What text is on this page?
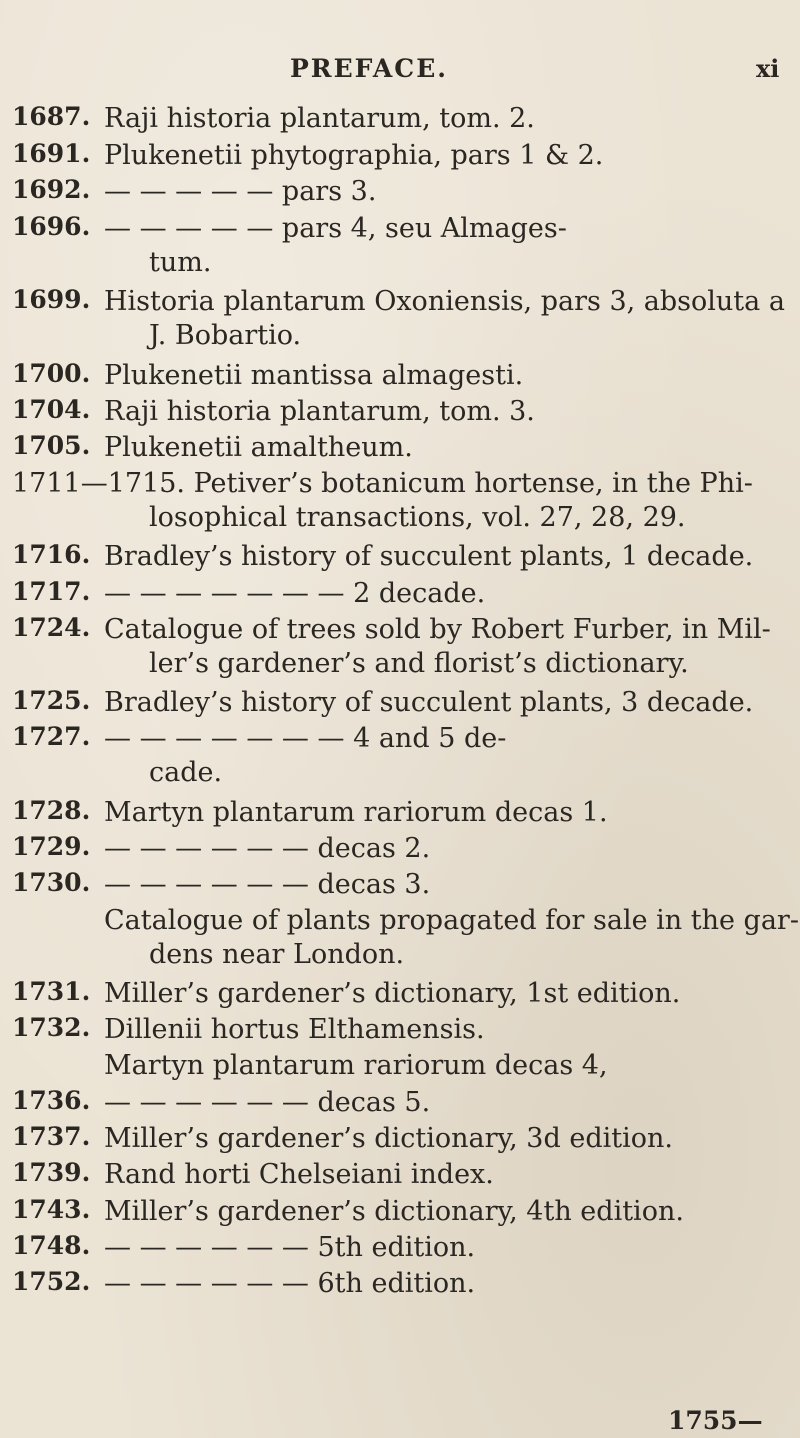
PREFACE.	xi
1687. Raji historia plantarum, tom. 2.
1691. Plukenetii phytographia, pars 1 & 2.
1692. — — — — — pars 3.
1696. — — — — — pars 4, seu Almages-
tum.
1699. Historia plantarum Oxoniensis, pars 3, absoluta a
J. Bobartio.
1700. Plukenetii mantissa almagesti.
1704. Raji historia plantarum, tom. 3.
1705. Plukenetii amaltheum.
1711—1715. Petiver’s botanicum hortense, in the Phi-
losophical transactions, vol. 27, 28, 29.
1716. Bradley’s history of succulent plants, 1 decade.
1717. — — — — — — — 2 decade.
1724. Catalogue of trees sold by Robert Furber, in Mil-
ler’s gardener’s and florist’s dictionary.
1725. Bradley’s history of succulent plants, 3 decade.
1727. — — — — — — — 4 and 5 de-
cade.
1728. Martyn plantarum rariorum decas 1.
1729. — — — — — — decas 2.
1730. — — — — — — decas 3.
Catalogue of plants propagated for sale in the gar-
dens near London.
1731. Miller’s gardener’s dictionary, 1st edition.
1732. Dillenii hortus Elthamensis.
Martyn plantarum rariorum decas 4,
1736. — — — — — — decas 5.
1737. Miller’s gardener’s dictionary, 3d edition.
1739. Rand horti Chelseiani index.
1743. Miller’s gardener’s dictionary, 4th edition.
1748. — — — — — — 5th edition.
1752. — — — — — — 6th edition.
1755—
